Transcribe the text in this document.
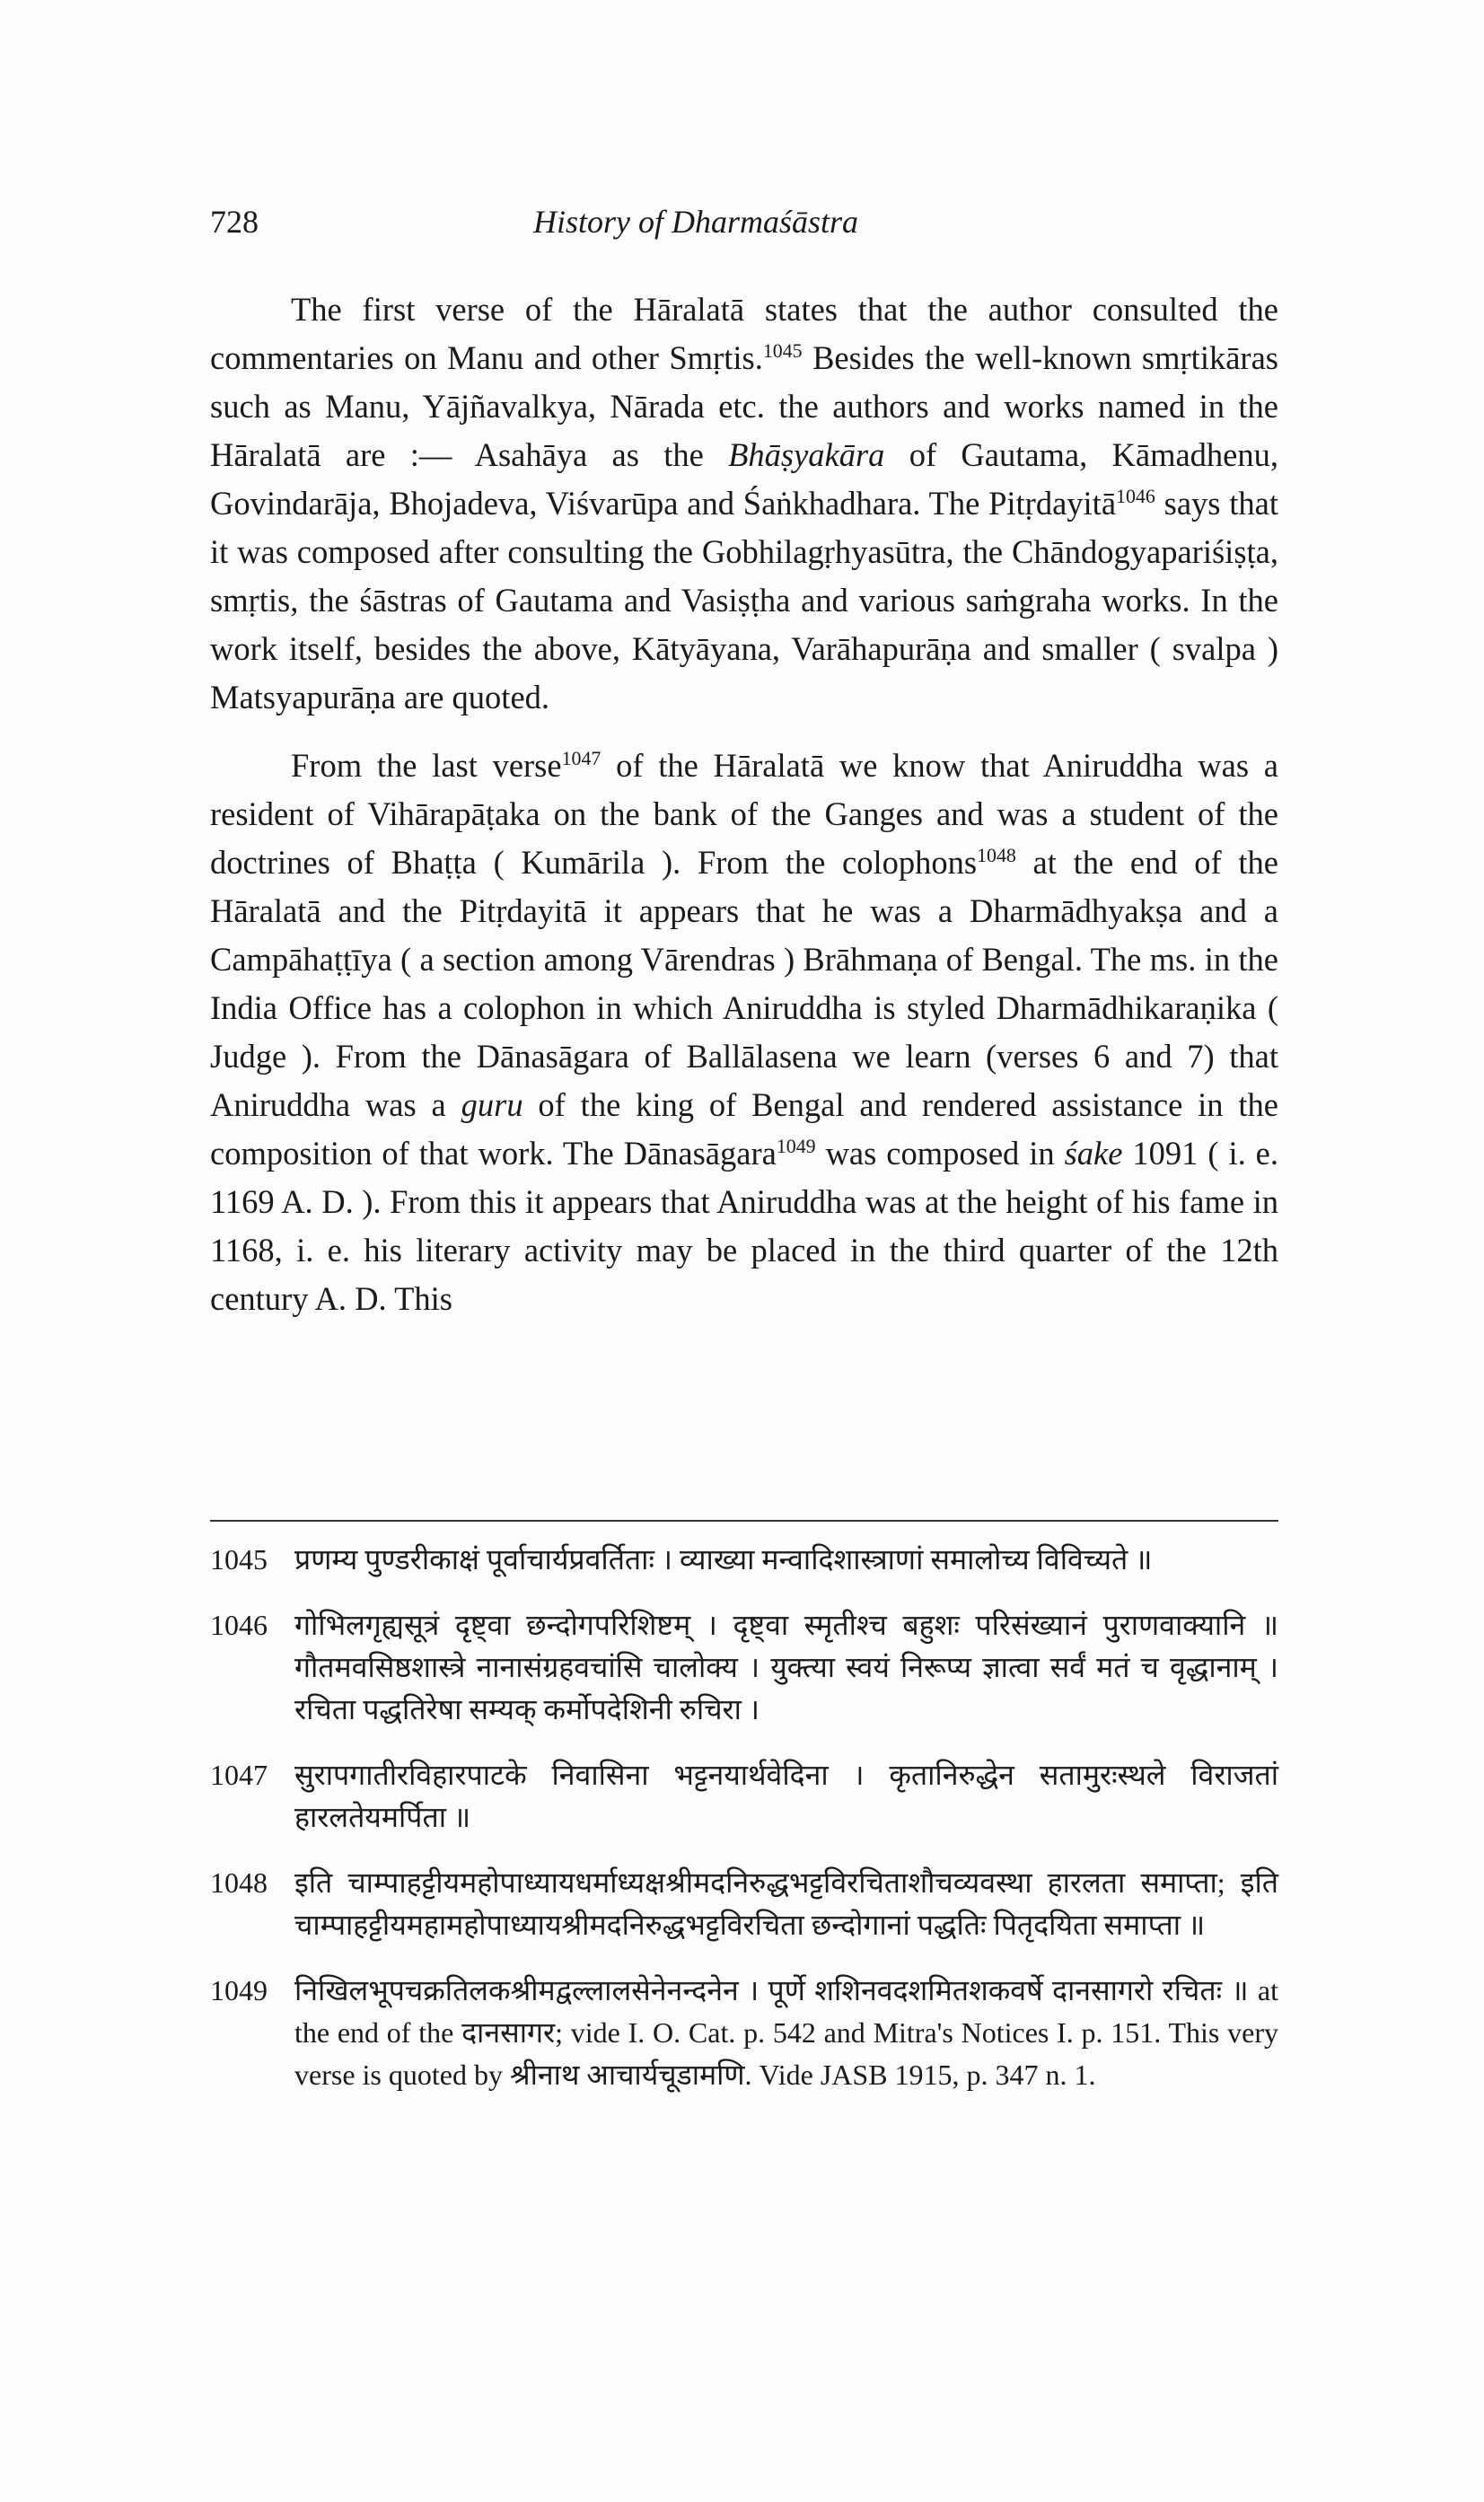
728	History of Dharmaśāstra

The first verse of the Hāralatā states that the author consulted the commentaries on Manu and other Smṛtis.$^{1045}$ Besides the well-known smṛtikāras such as Manu, Yājñavalkya, Nārada etc. the authors and works named in the Hāralatā are :— Asahāya as the Bhāṣyakāra of Gautama, Kāmadhenu, Govindarāja, Bhojadeva, Viśvarūpa and Śaṅkhadhara. The Pitṛdayitā$^{1046}$ says that it was composed after consulting the Gobhilagṛhyasūtra, the Chāndogyapariśiṣṭa, smṛtis, the śāstras of Gautama and Vasiṣṭha and various saṁgraha works. In the work itself, besides the above, Kātyāyana, Varāhapurāṇa and smaller ( svalpa ) Matsyapurāṇa are quoted.

From the last verse$^{1047}$ of the Hāralatā we know that Aniruddha was a resident of Vihārapāṭaka on the bank of the Ganges and was a student of the doctrines of Bhaṭṭa ( Kumārila ). From the colophons$^{1048}$ at the end of the Hāralatā and the Pitṛdayitā it appears that he was a Dharmādhyakṣa and a Campāhaṭṭīya ( a section among Vārendras ) Brāhmaṇa of Bengal. The ms. in the India Office has a colophon in which Aniruddha is styled Dharmādhikaraṇika ( Judge ). From the Dānasāgara of Ballālasena we learn (verses 6 and 7) that Aniruddha was a guru of the king of Bengal and rendered assistance in the composition of that work. The Dānasāgara$^{1049}$ was composed in śake 1091 ( i. e. 1169 A. D. ). From this it appears that Aniruddha was at the height of his fame in 1168, i. e. his literary activity may be placed in the third quarter of the 12th century A. D. This

1045 प्रणम्य पुण्डरीकाक्षं पूर्वाचार्यप्रवर्तिताः । व्याख्या मन्वादिशास्त्राणां समालोच्य विविच्यते ॥
1046 गोभिलगृह्यसूत्रं दृष्ट्वा छन्दोगपरिशिष्टम् । दृष्ट्वा स्मृतीश्च बहुशः परिसंख्यानं पुराणवाक्यानि ॥ गौतमवसिष्ठशास्त्रे नानासंग्रहवचांसि चालोक्य । युक्त्या स्वयं निरूप्य ज्ञात्वा सर्वं मतं च वृद्धानाम् । रचिता पद्धतिरेषा सम्यक् कर्मोपदेशिनी रुचिरा ।
1047 सुरापगातीरविहारपाटके निवासिना भट्टनयार्थवेदिना । कृतानिरुद्धेन सतामुरःस्थले विराजतां हारलतेयमर्पिता ॥
1048 इति चाम्पाहट्टीयमहोपाध्यायधर्माध्यक्षश्रीमदनिरुद्धभट्टविरचिताशौचव्यवस्था हारलता समाप्ता; इति चाम्पाहट्टीयमहामहोपाध्यायश्रीमदनिरुद्धभट्टविरचिता छन्दोगानां पद्धतिः पितृदयिता समाप्ता ॥
1049 निखिलभूपचक्रतिलकश्रीमद्वल्लालसेनेनन्दनेन । पूर्णे शशिनवदशमितशकवर्षे दानसागरो रचितः ॥ at the end of the दानसागर; vide I. O. Cat. p. 542 and Mitra's Notices I. p. 151. This very verse is quoted by श्रीनाथ आचार्यचूडामणि. Vide JASB 1915, p. 347 n. 1.
